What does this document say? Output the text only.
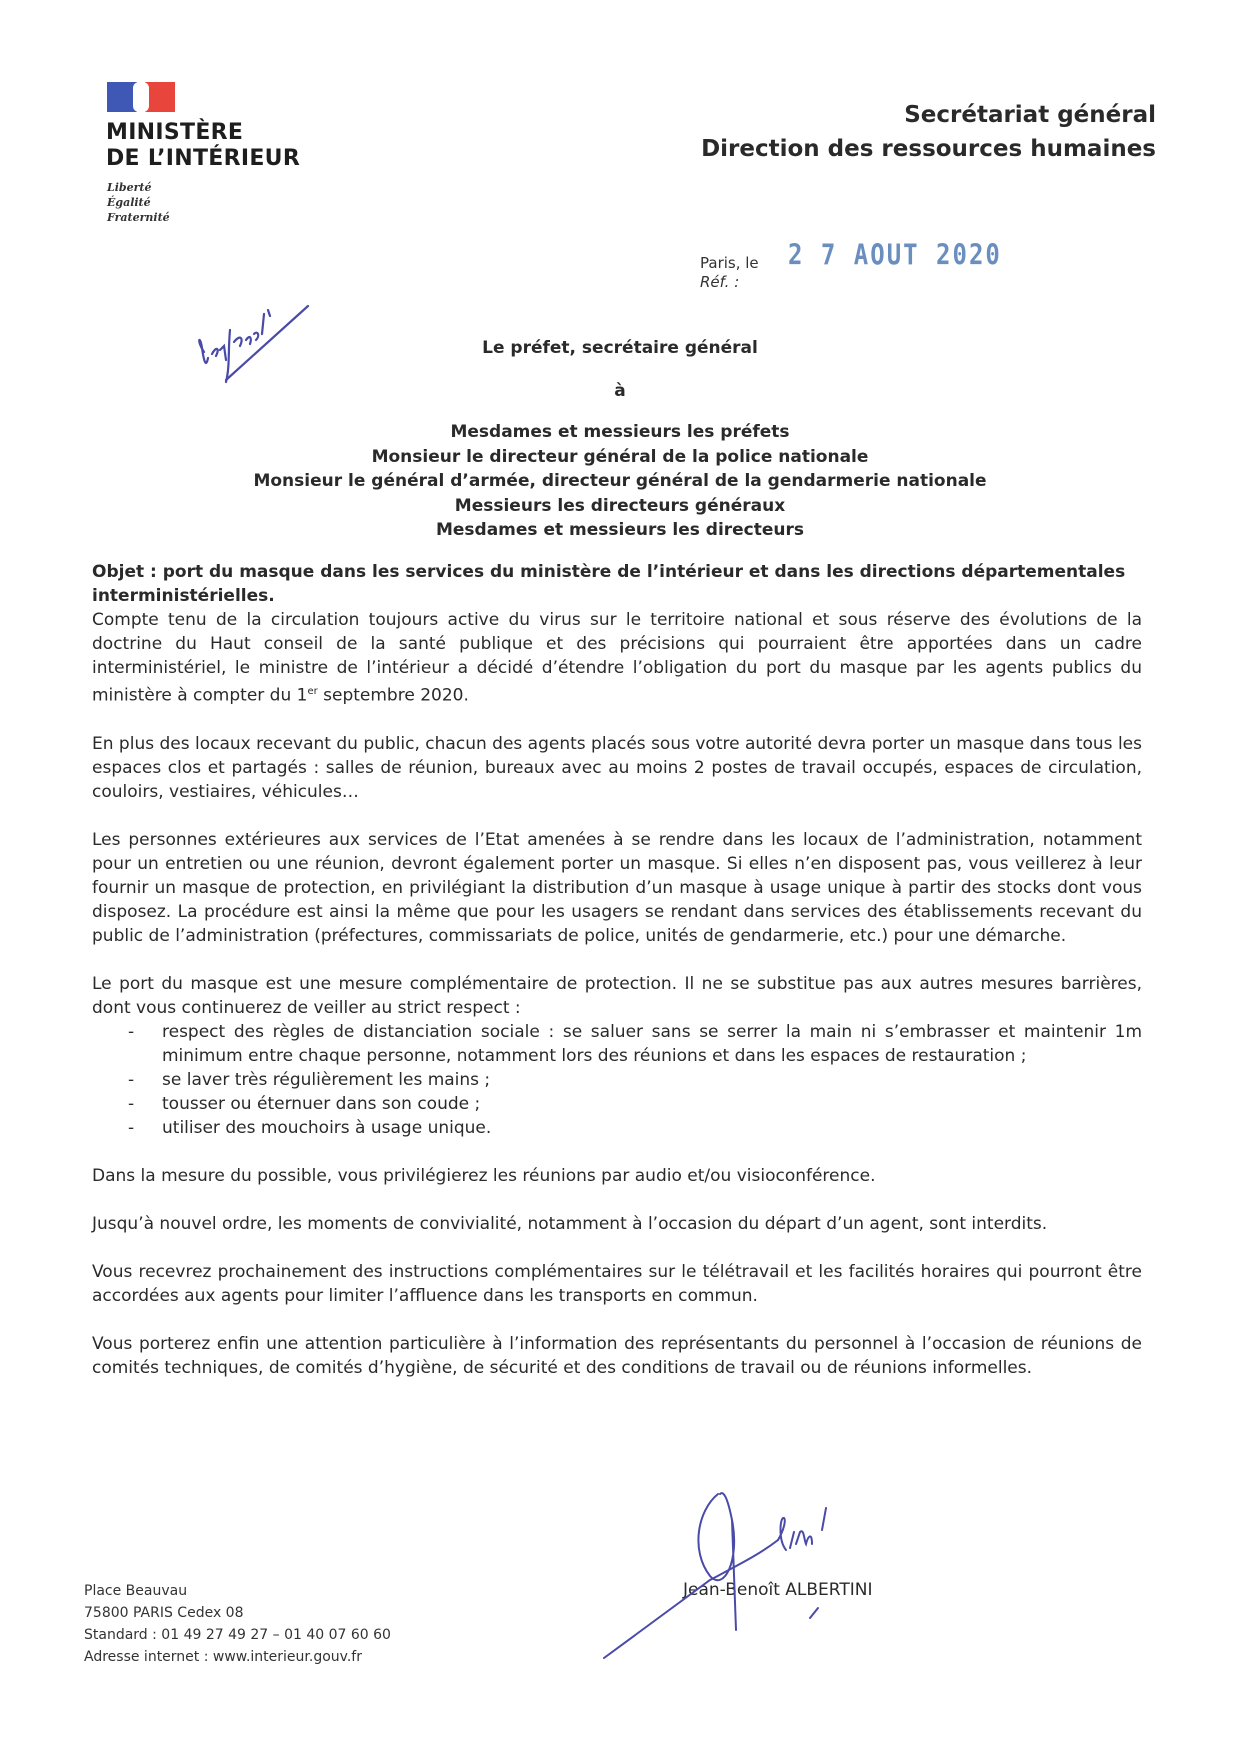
MINISTÈRE
DE L’INTÉRIEUR
Liberté
Égalité
Fraternité
Secrétariat général
Direction des ressources humaines
Paris, le
Réf. :
2 7 AOUT 2020
Le préfet, secrétaire général
à
Mesdames et messieurs les préfets
Monsieur le directeur général de la police nationale
Monsieur le général d’armée, directeur général de la gendarmerie nationale
Messieurs les directeurs généraux
Mesdames et messieurs les directeurs
Objet : port du masque dans les services du ministère de l’intérieur et dans les directions départementales interministérielles.

Compte tenu de la circulation toujours active du virus sur le territoire national et sous réserve des évolutions de la doctrine du Haut conseil de la santé publique et des précisions qui pourraient être apportées dans un cadre interministériel, le ministre de l’intérieur a décidé d’étendre l’obligation du port du masque par les agents publics du ministère à compter du 1er septembre 2020.

En plus des locaux recevant du public, chacun des agents placés sous votre autorité devra porter un masque dans tous les espaces clos et partagés : salles de réunion, bureaux avec au moins 2 postes de travail occupés, espaces de circulation, couloirs, vestiaires, véhicules…

Les personnes extérieures aux services de l’Etat amenées à se rendre dans les locaux de l’administration, notamment pour un entretien ou une réunion, devront également porter un masque. Si elles n’en disposent pas, vous veillerez à leur fournir un masque de protection, en privilégiant la distribution d’un masque à usage unique à partir des stocks dont vous disposez. La procédure est ainsi la même que pour les usagers se rendant dans services des établissements recevant du public de l’administration (préfectures, commissariats de police, unités de gendarmerie, etc.) pour une démarche.

Le port du masque est une mesure complémentaire de protection. Il ne se substitue pas aux autres mesures barrières, dont vous continuerez de veiller au strict respect :

- respect des règles de distanciation sociale : se saluer sans se serrer la main ni s’embrasser et maintenir 1m minimum entre chaque personne, notamment lors des réunions et dans les espaces de restauration ;
- se laver très régulièrement les mains ;
- tousser ou éternuer dans son coude ;
- utiliser des mouchoirs à usage unique.

Dans la mesure du possible, vous privilégierez les réunions par audio et/ou visioconférence.

Jusqu’à nouvel ordre, les moments de convivialité, notamment à l’occasion du départ d’un agent, sont interdits.

Vous recevrez prochainement des instructions complémentaires sur le télétravail et les facilités horaires qui pourront être accordées aux agents pour limiter l’affluence dans les transports en commun.

Vous porterez enfin une attention particulière à l’information des représentants du personnel à l’occasion de réunions de comités techniques, de comités d’hygiène, de sécurité et des conditions de travail ou de réunions informelles.

Jean-Benoît ALBERTINI
Place Beauvau
75800 PARIS Cedex 08
Standard : 01 49 27 49 27 – 01 40 07 60 60
Adresse internet : www.interieur.gouv.fr
